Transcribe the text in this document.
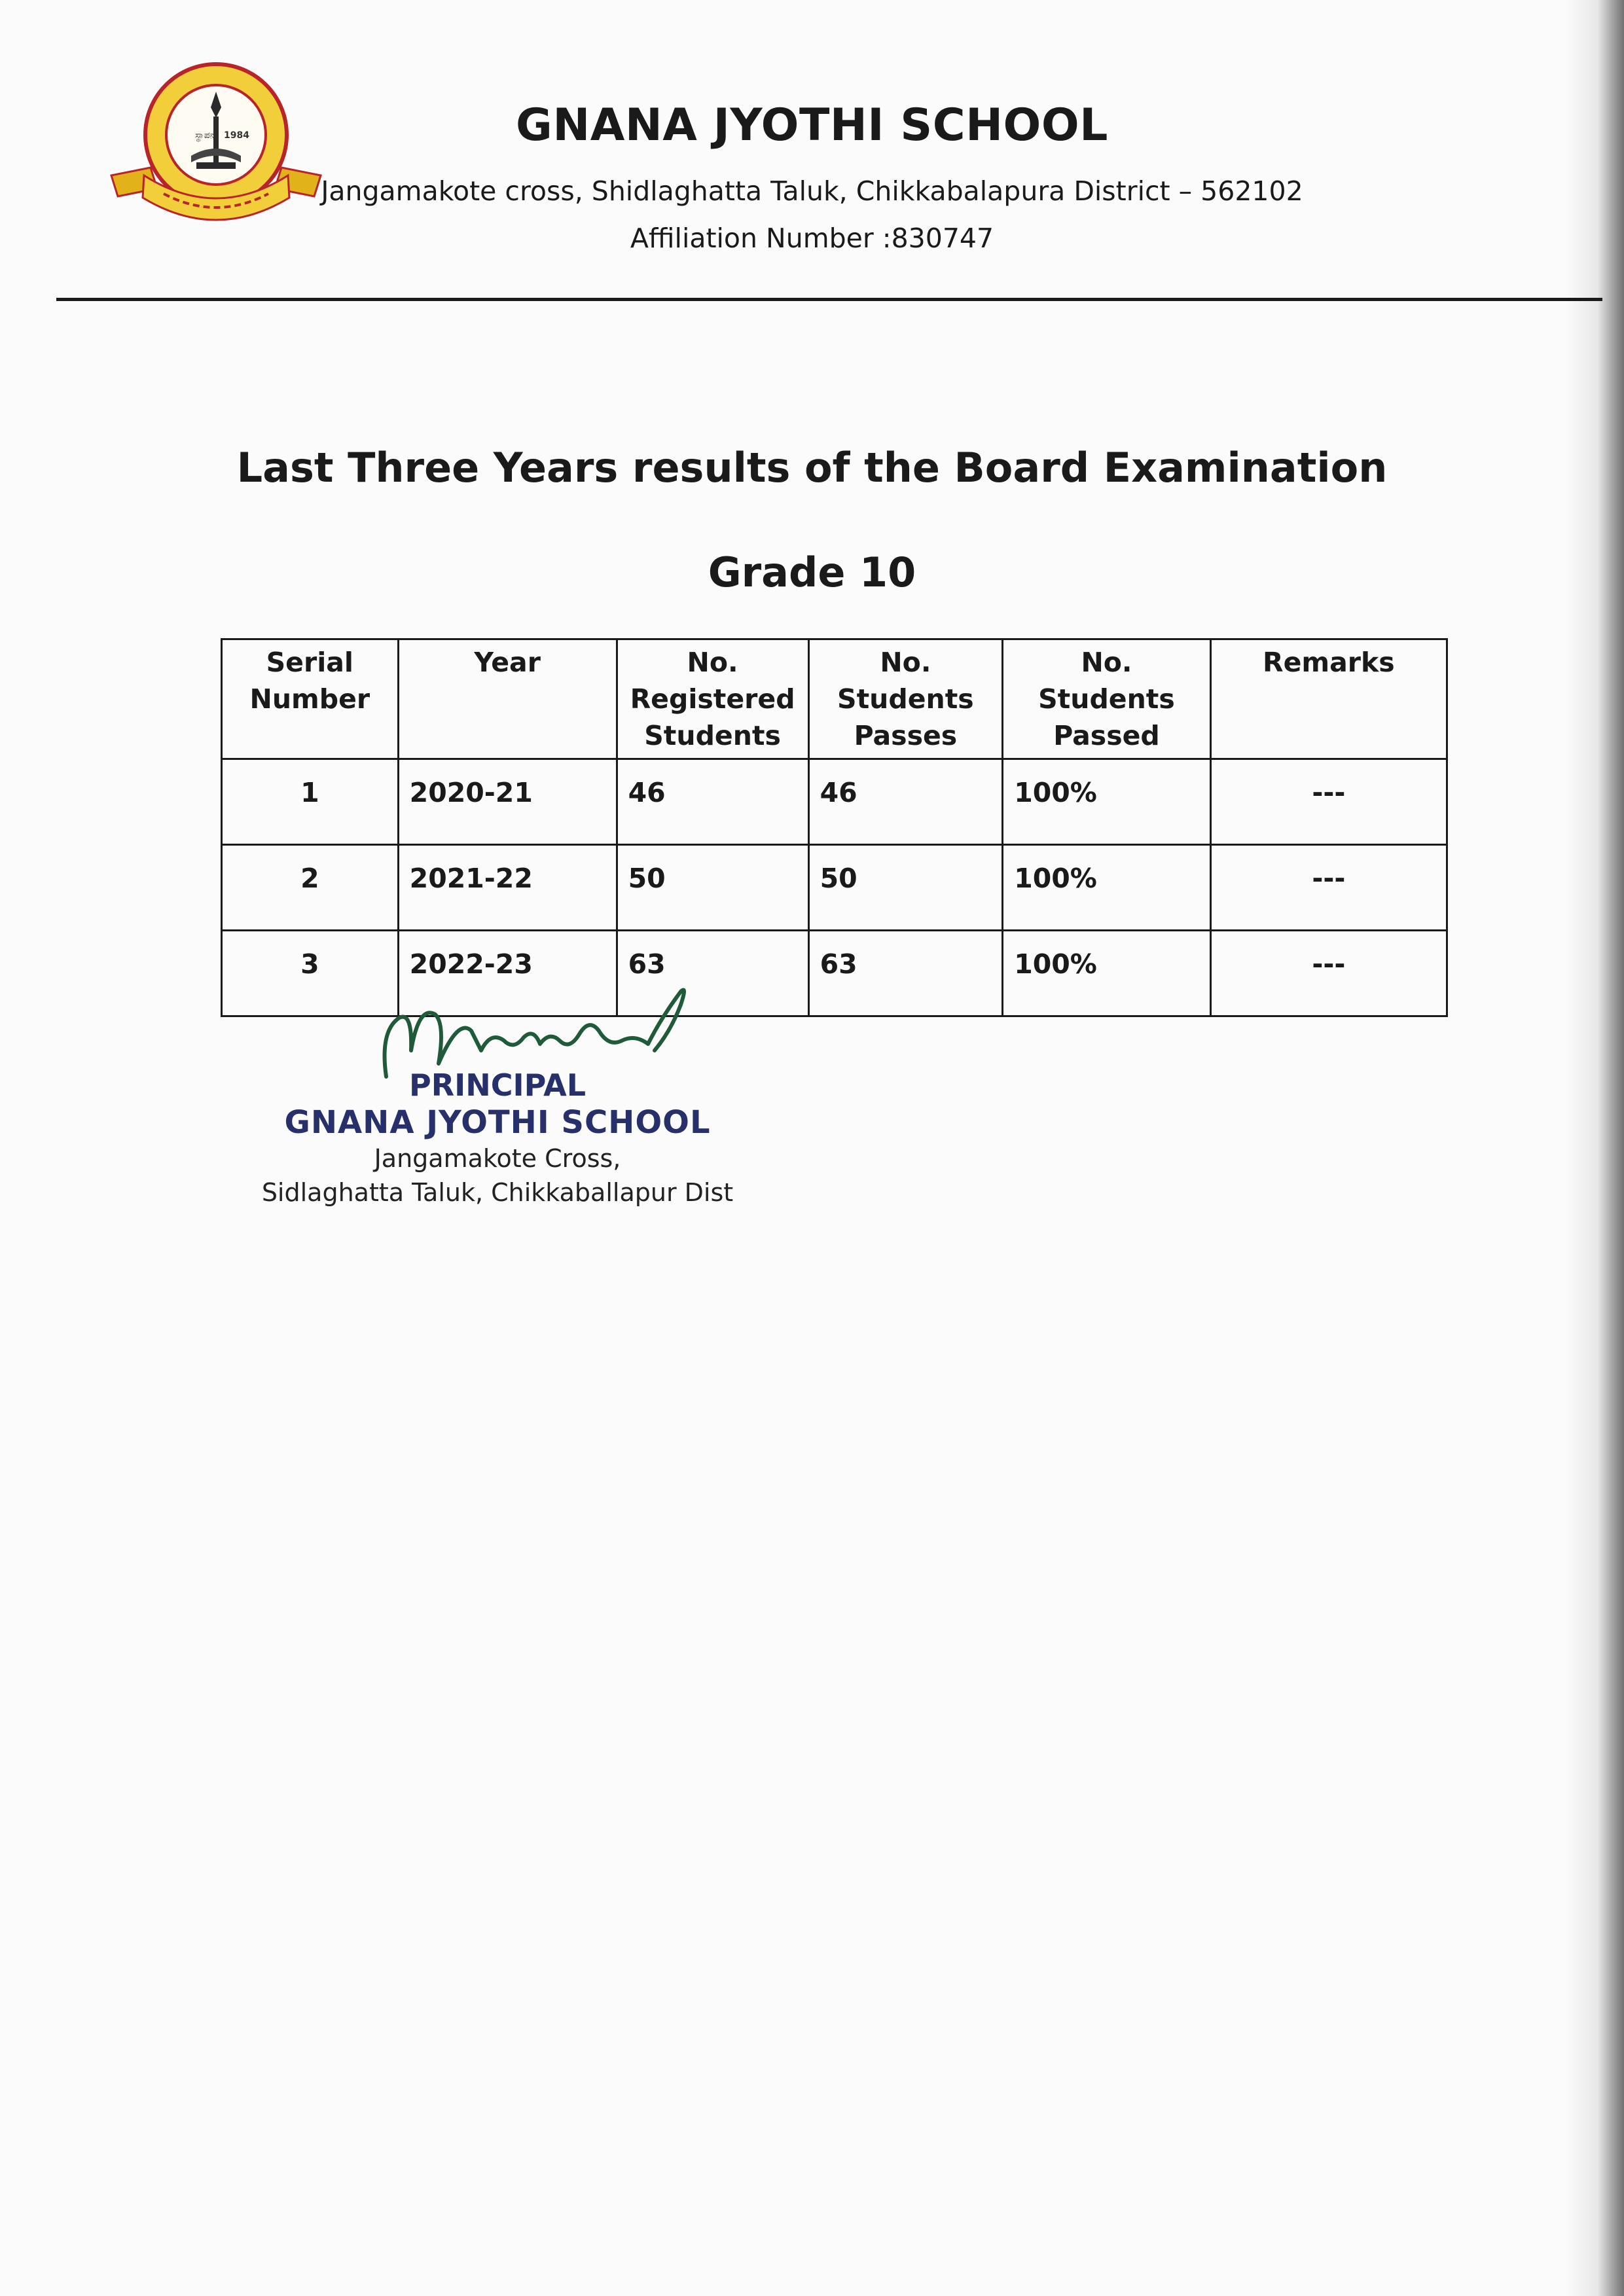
ಸ್ಥಾಪನೆ 1984	GNANA JYOTHI SCHOOL
Jangamakote cross, Shidlaghatta Taluk, Chikkabalapura District – 562102
Affiliation Number :830747
Last Three Years results of the Board Examination
Grade 10
Serial Number	Year	No. Registered Students	No. Students Passes	No. Students Passed	Remarks
1	2020-21	46	46	100%	---
2	2021-22	50	50	100%	---
3	2022-23	63	63	100%	---
PRINCIPAL
GNANA JYOTHI SCHOOL
Jangamakote Cross,
Sidlaghatta Taluk, Chikkaballapur Dist
